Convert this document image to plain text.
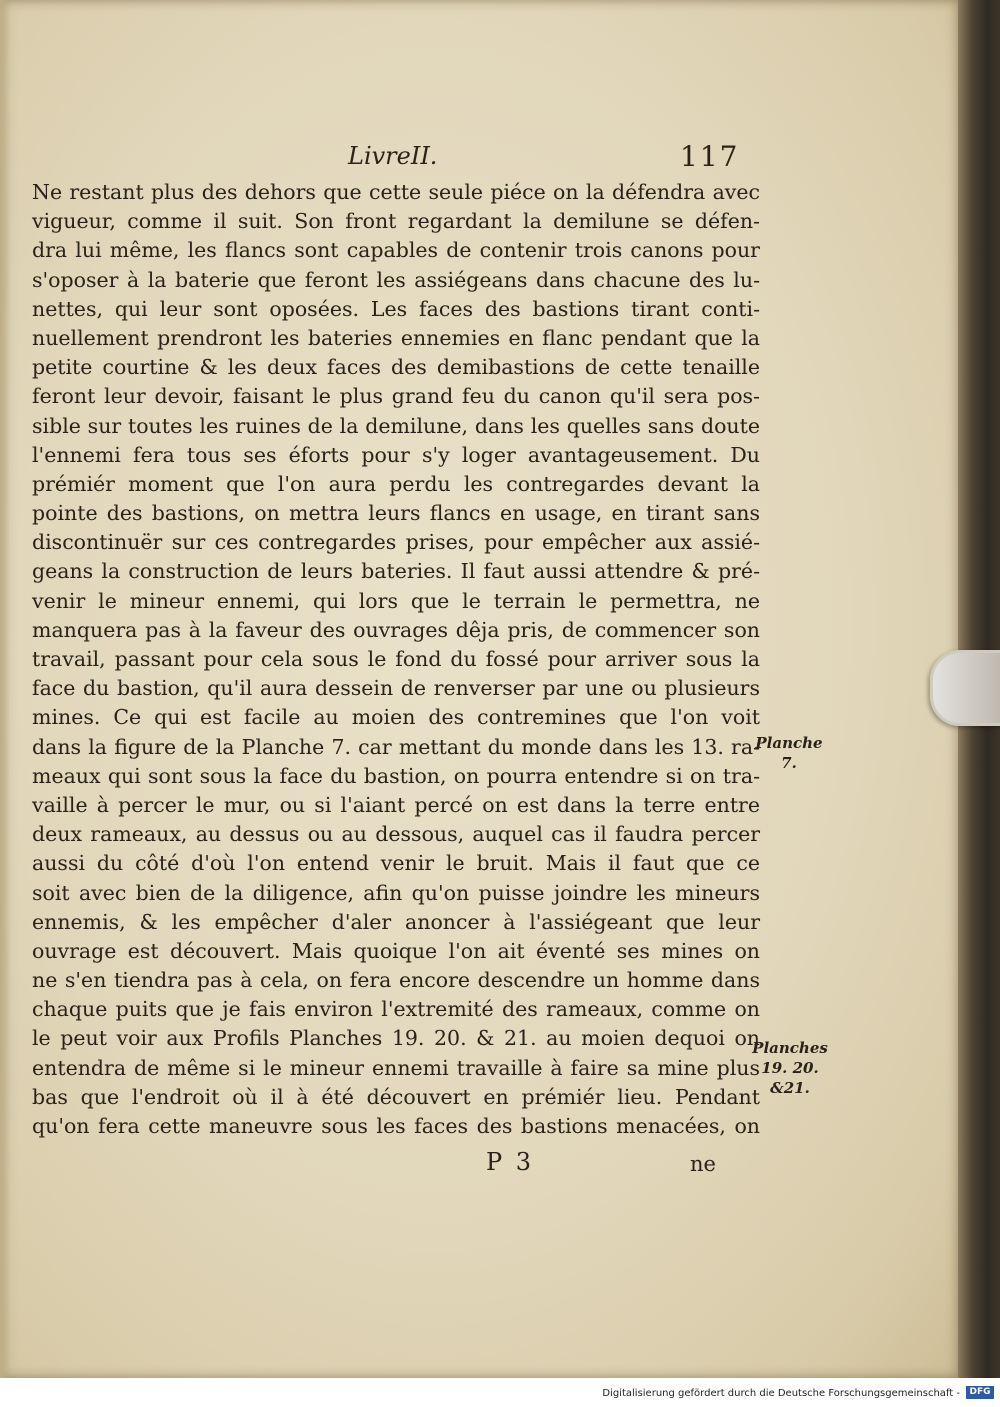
LivreII.	117
Ne restant plus des dehors que cette seule piéce on la défendra avec
vigueur, comme il suit. Son front regardant la demilune se défen-
dra lui même, les flancs sont capables de contenir trois canons pour
s'oposer à la baterie que feront les assiégeans dans chacune des lu-
nettes, qui leur sont oposées. Les faces des bastions tirant conti-
nuellement prendront les bateries ennemies en flanc pendant que la
petite courtine & les deux faces des demibastions de cette tenaille
feront leur devoir, faisant le plus grand feu du canon qu'il sera pos-
sible sur toutes les ruines de la demilune, dans les quelles sans doute
l'ennemi fera tous ses éforts pour s'y loger avantageusement. Du
prémiér moment que l'on aura perdu les contregardes devant la
pointe des bastions, on mettra leurs flancs en usage, en tirant sans
discontinuër sur ces contregardes prises, pour empêcher aux assié-
geans la construction de leurs bateries. Il faut aussi attendre & pré-
venir le mineur ennemi, qui lors que le terrain le permettra, ne
manquera pas à la faveur des ouvrages dêja pris, de commencer son
travail, passant pour cela sous le fond du fossé pour arriver sous la
face du bastion, qu'il aura dessein de renverser par une ou plusieurs
mines. Ce qui est facile au moien des contremines que l'on voit
dans la figure de la Planche 7. car mettant du monde dans les 13. ra-
meaux qui sont sous la face du bastion, on pourra entendre si on tra-
vaille à percer le mur, ou si l'aiant percé on est dans la terre entre
deux rameaux, au dessus ou au dessous, auquel cas il faudra percer
aussi du côté d'où l'on entend venir le bruit. Mais il faut que ce
soit avec bien de la diligence, afin qu'on puisse joindre les mineurs
ennemis, & les empêcher d'aler anoncer à l'assiégeant que leur
ouvrage est découvert. Mais quoique l'on ait éventé ses mines on
ne s'en tiendra pas à cela, on fera encore descendre un homme dans
chaque puits que je fais environ l'extremité des rameaux, comme on
le peut voir aux Profils Planches 19. 20. & 21. au moien dequoi on
entendra de même si le mineur ennemi travaille à faire sa mine plus
bas que l'endroit où il à été découvert en prémiér lieu. Pendant
qu'on fera cette maneuvre sous les faces des bastions menacées, on
Planche 7.
Planches 19. 20. &21.
P 3	ne
Digitalisierung gefördert durch die Deutsche Forschungsgemeinschaft -	DFG
